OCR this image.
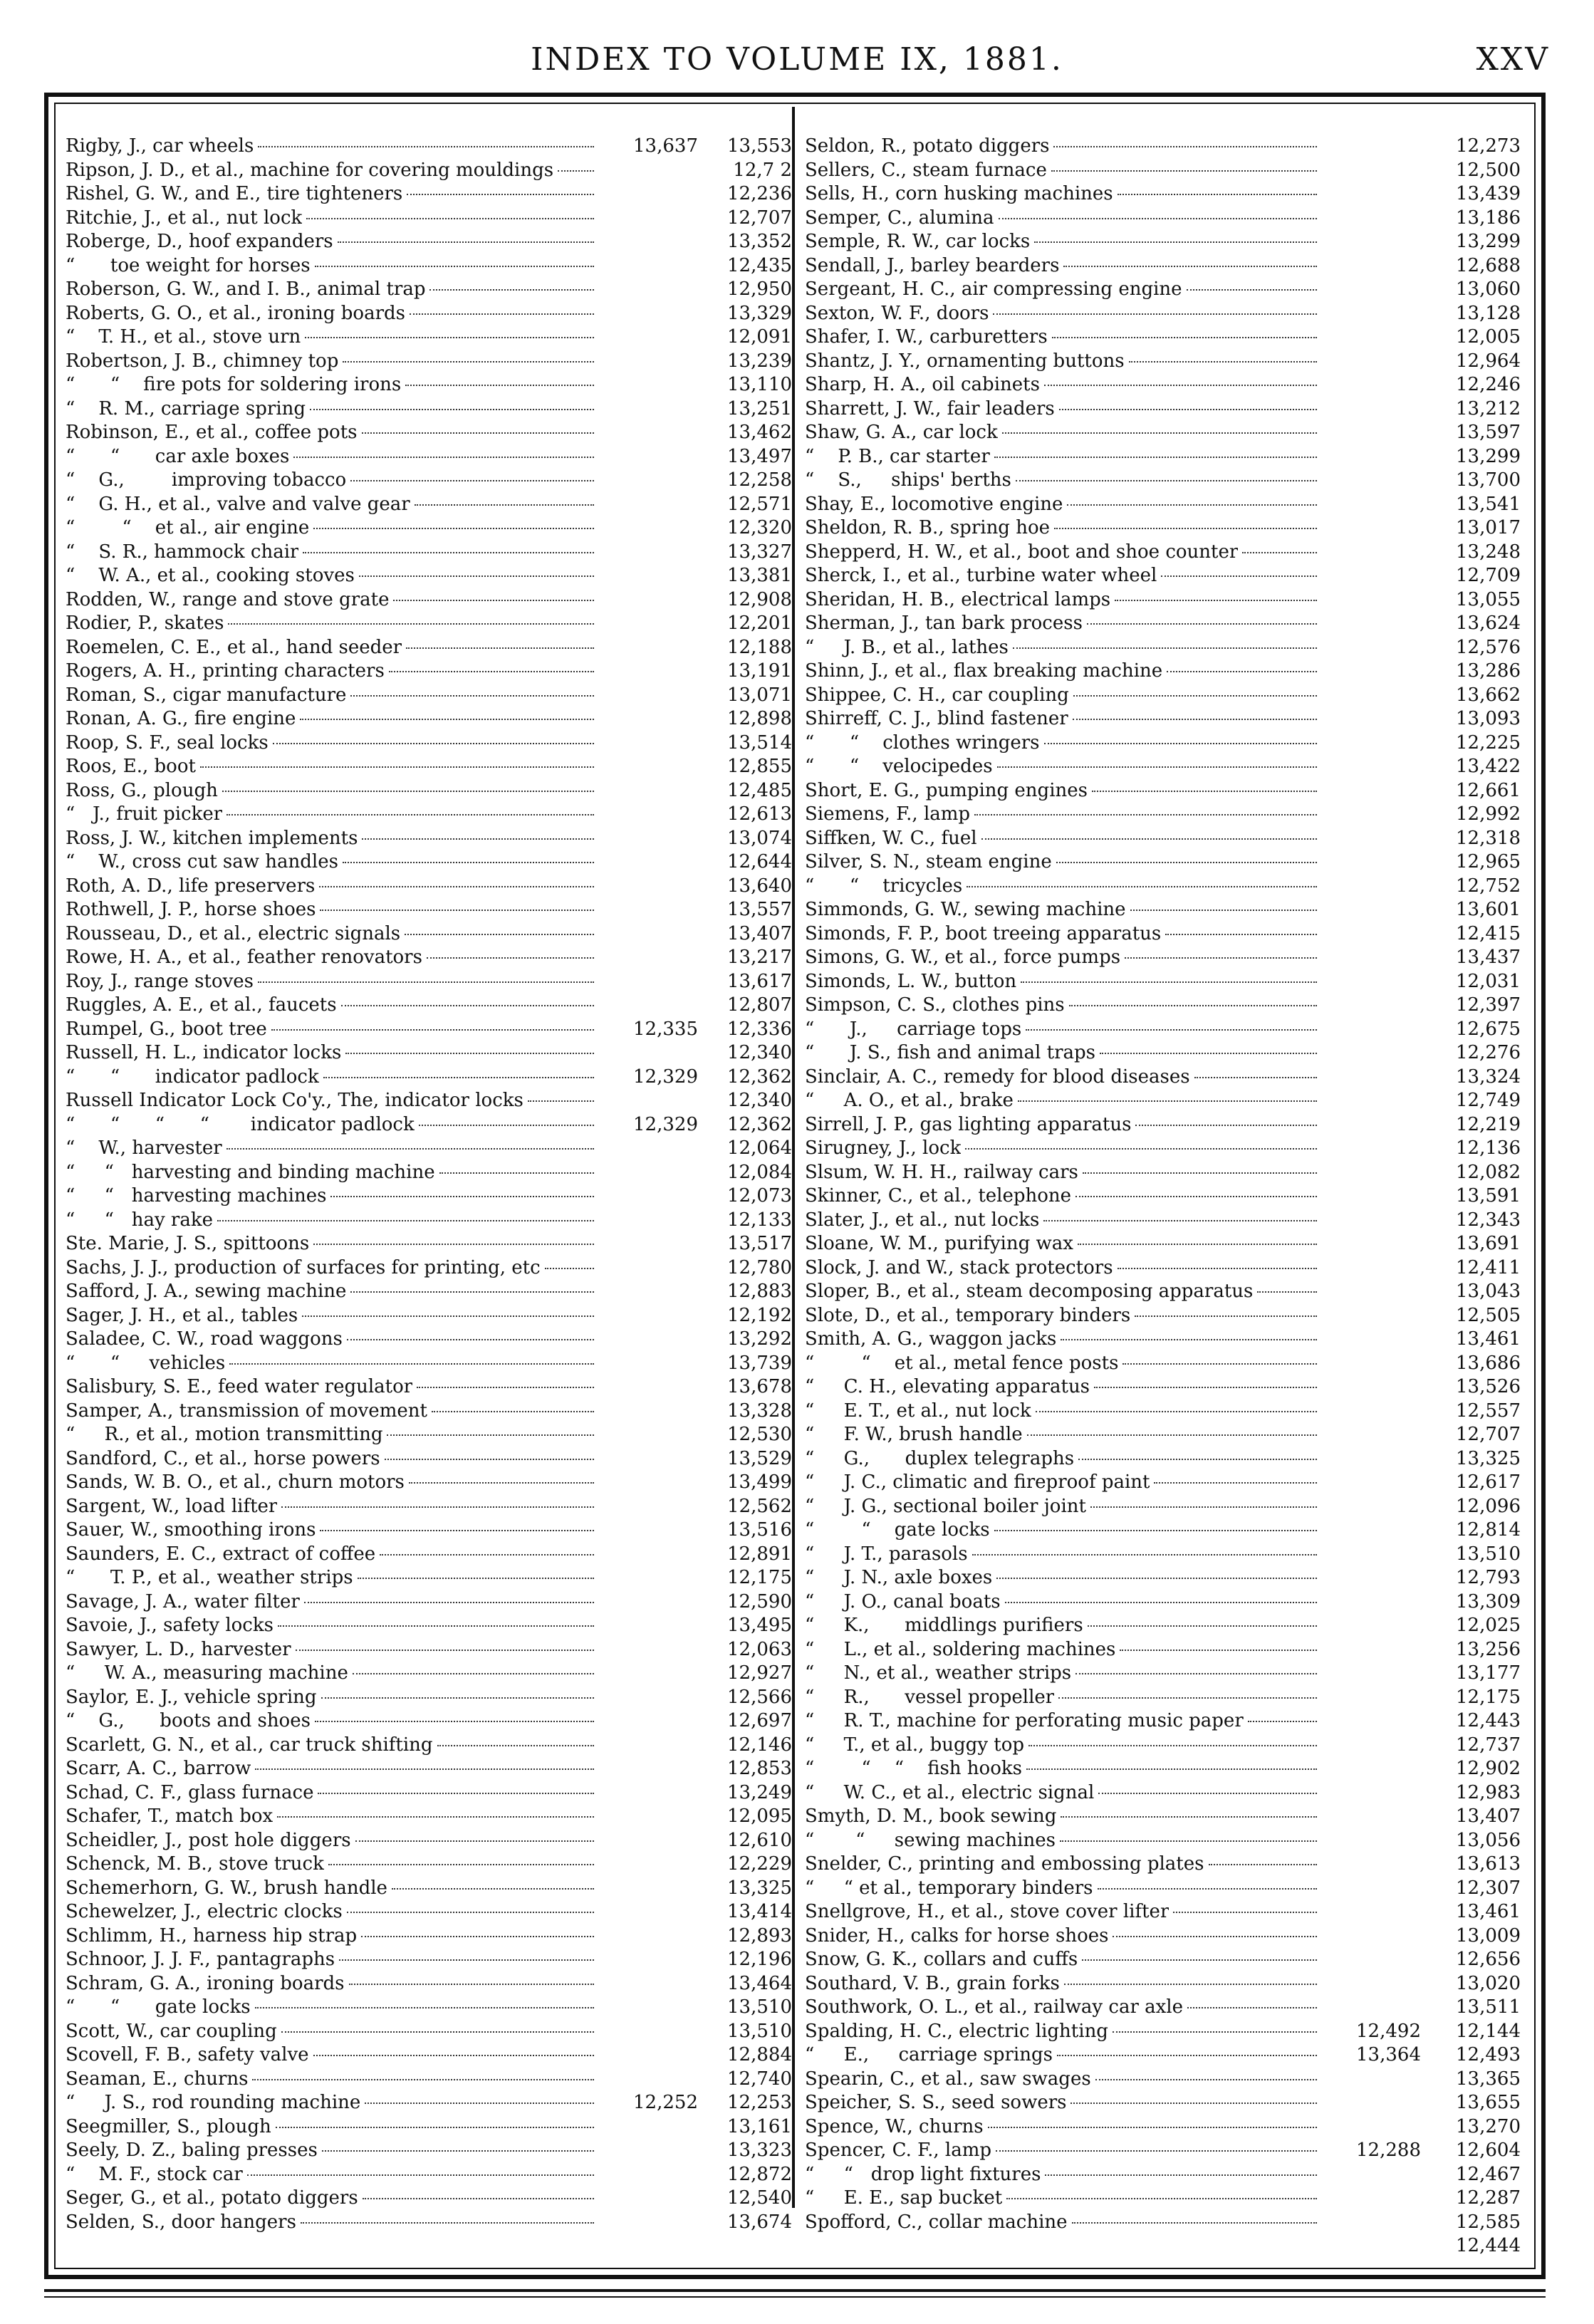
INDEX TO VOLUME IX, 1881.	XXV
Rigby, J., car wheels	13,637	13,553
Ripson, J. D., et al., machine for covering mouldings	12,7 2
Rishel, G. W., and E., tire tighteners	12,236
Ritchie, J., et al., nut lock	12,707
Roberge, D., hoof expanders	13,352
“      toe weight for horses	12,435
Roberson, G. W., and I. B., animal trap	12,950
Roberts, G. O., et al., ironing boards	13,329
“    T. H., et al., stove urn	12,091
Robertson, J. B., chimney top	13,239
“      “    fire pots for soldering irons	13,110
“    R. M., carriage spring	13,251
Robinson, E., et al., coffee pots	13,462
“      “      car axle boxes	13,497
“    G.,        improving tobacco	12,258
“    G. H., et al., valve and valve gear	12,571
“        “    et al., air engine	12,320
“    S. R., hammock chair	13,327
“    W. A., et al., cooking stoves	13,381
Rodden, W., range and stove grate	12,908
Rodier, P., skates	12,201
Roemelen, C. E., et al., hand seeder	12,188
Rogers, A. H., printing characters	13,191
Roman, S., cigar manufacture	13,071
Ronan, A. G., fire engine	12,898
Roop, S. F., seal locks	13,514
Roos, E., boot	12,855
Ross, G., plough	12,485
“   J., fruit picker	12,613
Ross, J. W., kitchen implements	13,074
“    W., cross cut saw handles	12,644
Roth, A. D., life preservers	13,640
Rothwell, J. P., horse shoes	13,557
Rousseau, D., et al., electric signals	13,407
Rowe, H. A., et al., feather renovators	13,217
Roy, J., range stoves	13,617
Ruggles, A. E., et al., faucets	12,807
Rumpel, G., boot tree	12,335	12,336
Russell, H. L., indicator locks	12,340
“      “      indicator padlock	12,329	12,362
Russell Indicator Lock Co'y., The, indicator locks	12,340
“      “      “      “       indicator padlock	12,329	12,362
“    W., harvester	12,064
“     “   harvesting and binding machine	12,084
“     “   harvesting machines	12,073
“     “   hay rake	12,133
Ste. Marie, J. S., spittoons	13,517
Sachs, J. J., production of surfaces for printing, etc	12,780
Safford, J. A., sewing machine	12,883
Sager, J. H., et al., tables	12,192
Saladee, C. W., road waggons	13,292
“      “     vehicles	13,739
Salisbury, S. E., feed water regulator	13,678
Samper, A., transmission of movement	13,328
“     R., et al., motion transmitting	12,530
Sandford, C., et al., horse powers	13,529
Sands, W. B. O., et al., churn motors	13,499
Sargent, W., load lifter	12,562
Sauer, W., smoothing irons	13,516
Saunders, E. C., extract of coffee	12,891
“      T. P., et al., weather strips	12,175
Savage, J. A., water filter	12,590
Savoie, J., safety locks	13,495
Sawyer, L. D., harvester	12,063
“     W. A., measuring machine	12,927
Saylor, E. J., vehicle spring	12,566
“    G.,      boots and shoes	12,697
Scarlett, G. N., et al., car truck shifting	12,146
Scarr, A. C., barrow	12,853
Schad, C. F., glass furnace	13,249
Schafer, T., match box	12,095
Scheidler, J., post hole diggers	12,610
Schenck, M. B., stove truck	12,229
Schemerhorn, G. W., brush handle	13,325
Schewelzer, J., electric clocks	13,414
Schlimm, H., harness hip strap	12,893
Schnoor, J. J. F., pantagraphs	12,196
Schram, G. A., ironing boards	13,464
“      “      gate locks	13,510
Scott, W., car coupling	13,510
Scovell, F. B., safety valve	12,884
Seaman, E., churns	12,740
“     J. S., rod rounding machine	12,252	12,253
Seegmiller, S., plough	13,161
Seely, D. Z., baling presses	13,323
“    M. F., stock car	12,872
Seger, G., et al., potato diggers	12,540
Selden, S., door hangers	13,674
Seldon, R., potato diggers	12,273
Sellers, C., steam furnace	12,500
Sells, H., corn husking machines	13,439
Semper, C., alumina	13,186
Semple, R. W., car locks	13,299
Sendall, J., barley bearders	12,688
Sergeant, H. C., air compressing engine	13,060
Sexton, W. F., doors	13,128
Shafer, I. W., carburetters	12,005
Shantz, J. Y., ornamenting buttons	12,964
Sharp, H. A., oil cabinets	12,246
Sharrett, J. W., fair leaders	13,212
Shaw, G. A., car lock	13,597
“    P. B., car starter	13,299
“    S.,     ships' berths	13,700
Shay, E., locomotive engine	13,541
Sheldon, R. B., spring hoe	13,017
Shepperd, H. W., et al., boot and shoe counter	13,248
Sherck, I., et al., turbine water wheel	12,709
Sheridan, H. B., electrical lamps	13,055
Sherman, J., tan bark process	13,624
“     J. B., et al., lathes	12,576
Shinn, J., et al., flax breaking machine	13,286
Shippee, C. H., car coupling	13,662
Shirreff, C. J., blind fastener	13,093
“      “    clothes wringers	12,225
“      “    velocipedes	13,422
Short, E. G., pumping engines	12,661
Siemens, F., lamp	12,992
Siffken, W. C., fuel	12,318
Silver, S. N., steam engine	12,965
“      “    tricycles	12,752
Simmonds, G. W., sewing machine	13,601
Simonds, F. P., boot treeing apparatus	12,415
Simons, G. W., et al., force pumps	13,437
Simonds, L. W., button	12,031
Simpson, C. S., clothes pins	12,397
“      J.,     carriage tops	12,675
“      J. S., fish and animal traps	12,276
Sinclair, A. C., remedy for blood diseases	13,324
“     A. O., et al., brake	12,749
Sirrell, J. P., gas lighting apparatus	12,219
Sirugney, J., lock	12,136
Slsum, W. H. H., railway cars	12,082
Skinner, C., et al., telephone	13,591
Slater, J., et al., nut locks	12,343
Sloane, W. M., purifying wax	13,691
Slock, J. and W., stack protectors	12,411
Sloper, B., et al., steam decomposing apparatus	13,043
Slote, D., et al., temporary binders	12,505
Smith, A. G., waggon jacks	13,461
“        “    et al., metal fence posts	13,686
“     C. H., elevating apparatus	13,526
“     E. T., et al., nut lock	12,557
“     F. W., brush handle	12,707
“     G.,      duplex telegraphs	13,325
“     J. C., climatic and fireproof paint	12,617
“     J. G., sectional boiler joint	12,096
“        “    gate locks	12,814
“     J. T., parasols	13,510
“     J. N., axle boxes	12,793
“     J. O., canal boats	13,309
“     K.,      middlings purifiers	12,025
“     L., et al., soldering machines	13,256
“     N., et al., weather strips	13,177
“     R.,      vessel propeller	12,175
“     R. T., machine for perforating music paper	12,443
“     T., et al., buggy top	12,737
“        “    “    fish hooks	12,902
“     W. C., et al., electric signal	12,983
Smyth, D. M., book sewing	13,407
“       “     sewing machines	13,056
Snelder, C., printing and embossing plates	13,613
“     “ et al., temporary binders	12,307
Snellgrove, H., et al., stove cover lifter	13,461
Snider, H., calks for horse shoes	13,009
Snow, G. K., collars and cuffs	12,656
Southard, V. B., grain forks	13,020
Southwork, O. L., et al., railway car axle	13,511
Spalding, H. C., electric lighting	12,492	12,144
“     E.,     carriage springs	13,364	12,493
Spearin, C., et al., saw swages	13,365
Speicher, S. S., seed sowers	13,655
Spence, W., churns	13,270
Spencer, C. F., lamp	12,288	12,604
“     “   drop light fixtures	12,467
“     E. E., sap bucket	12,287
Spofford, C., collar machine	12,585
12,444
